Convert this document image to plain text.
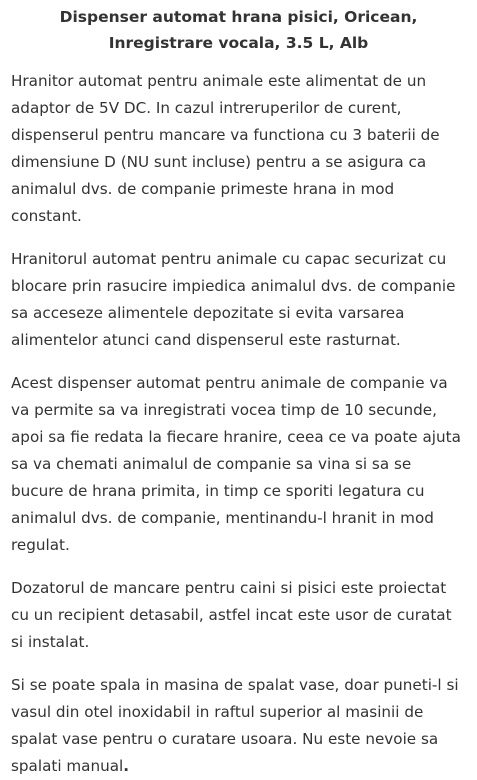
Dispenser automat hrana pisici, Oricean, Inregistrare vocala, 3.5 L, Alb

Hranitor automat pentru animale este alimentat de un adaptor de 5V DC. In cazul intreruperilor de curent, dispenserul pentru mancare va functiona cu 3 baterii de dimensiune D (NU sunt incluse) pentru a se asigura ca animalul dvs. de companie primeste hrana in mod constant.

Hranitorul automat pentru animale cu capac securizat cu blocare prin rasucire impiedica animalul dvs. de companie sa acceseze alimentele depozitate si evita varsarea alimentelor atunci cand dispenserul este rasturnat.

Acest dispenser automat pentru animale de companie va va permite sa va inregistrati vocea timp de 10 secunde, apoi sa fie redata la fiecare hranire, ceea ce va poate ajuta sa va chemati animalul de companie sa vina si sa se bucure de hrana primita, in timp ce sporiti legatura cu animalul dvs. de companie, mentinandu-l hranit in mod regulat.

Dozatorul de mancare pentru caini si pisici este proiectat cu un recipient detasabil, astfel incat este usor de curatat si instalat.

Si se poate spala in masina de spalat vase, doar puneti-l si vasul din otel inoxidabil in raftul superior al masinii de spalat vase pentru o curatare usoara. Nu este nevoie sa spalati manual.
